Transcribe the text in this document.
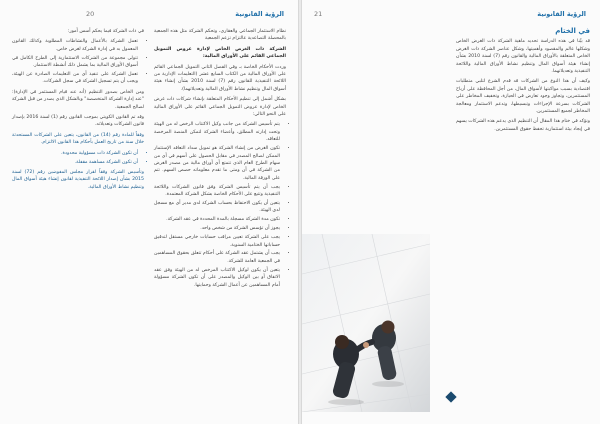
الرؤية القانونية
20

نظام الاستثمار الجماعي والعقاري، وتحكم الشركة مثل هذه الجمعية بالمحصلة التصاعدية عالتزام تزعم الجمعية

الشركة ذات الغرض الخاص لإدارة عروض التمويل الجماعي القائم على الأوراق المالية:

وردت الأحكام الخاصة بـ وفي الفصل الثاني التمويل الجماعي القائم على الأوراق المالية من الكتاب السابع عشر (التعليمات الإدارية من اللائحة التنفيذية للقانون رقم (7) لسنة 2010 بشأن إنشاء هيئة أسواق المال وتنظيم نشاط الأوراق المالية وتعديلاتهما).

بشكل أشمل إلى تنظيم الأحكام المتعلقة بإنشاء شركات ذات غرض الخاص لإدارة عروض التمويل الجماعي القائم على الأوراق المالية على النحو التالي:

• يتم تأسيس الشركة من جانب وكيل الاكتتاب الرخص له من الهيئة وتحت إدارته المطلق، وأعضاء الشركة لتمكن المنصة المرخصة للتعاقد.
• تكون الغرض من إنشاء الشركة هو تمويل سداد التعاقد الإستثمار الممكن لصالح المصدر في مقابل الحصول على أسهم في أي من سهام الطرح العام الذي تتمتع أي أوراق مالية من مصدر الغرض من الشركة في أن ومتى ما تقدم معلوماته حصص السهم. تتم على الورقة المالية.
• يجب أن يتم تأسيس الشركة وفق قانون الشركات واللائحة التنفيذية وتتبع على الأحكام الخاصة بشكل الشركة المعتمدة.
• يتعين أن يكون الاحتفاظ بحساب الشركة لدى مدير أي مع مسجل لدى الهيئة.
• تكون مدة الشركة مسجلة بالمدة المحددة في عقد الشركة.
• يجوز أن تؤسس الشركة من شخص واحد.
• يجب على الشركة تعيين مراقب حسابات خارجي مستقل لتدقيق حساباتها الختامية السنوية.
• يجب أن يشتمل عقد الشركة على أحكام تتعلق بحقوق المساهمين في الجمعية العامة للشركة.
• يتعين أن يكون لوكيل الاكتتاب المرخص له من الهيئة وفق عقد الاتفاق أو بين الوكيل والمصدر على أن تكون الشركة مسؤولة أمام المساهمين عن أعمال الشركة وحمايتها.

في ذات الشركة فيما يحكم أسس أمور:

• تعمل الشركة بالأعمال والنشاطات المطلوبة وكذلك القانون المعمول به في إدارة الشركة لغرض خاص.
• تتولى مجموعة من الشركات الاستثمارية إلى الطرح الكامل في أسواق الأوراق المالية بما يشمل ذلك أنشطة الاستثمار.
• تعمل الشركة على تنفيذ أي من التعليمات الصادرة عن الهيئة، ويجب أن يتم تسجيل الشركة في سجل الشركات.

ومن الخاص بصدور التنظيم (أنه عند قيام المستثمر في الإدارة): "عند إدارة الشركة المتخصصة" وبالشكل الذي يصدر من قبل الشركة لصالح الجمعية.

وقد تم القانون الكويتي بموجب القانون رقم (1) لسنة 2016 بإصدار قانون الشركات وتعديلاته.

وفقاً للمادة رقم (14) من القانون، يتعين على الشركات المستحدثة خلال سنة من تاريخ العمل بأحكام هذا القانون الالتزام.

• أن تكون الشركة ذات مسؤولية محدودة.
• أن تكون الشركة مساهمة مقفلة.

وتأسيس الشركة وفقاً لقرار مجلس المفوضين رقم (72) لسنة 2015 بشأن إصدار اللائحة التنفيذية لقانون إنشاء هيئة أسواق المال وتنظيم نشاط الأوراق المالية.

الرؤية القانونية
21
في الختام

قد بيّنا في هذه الدراسة تحديد ماهية الشركة ذات الغرض الخاص وشكلها عالم والمقصود وأهميتها، وشكل عناصر الشركة ذات الغرض الخاص المتعلقة بالأوراق المالية والقانون رقم (7) لسنة 2010 بشأن إنشاء هيئة أسواق المال وتنظيم نشاط الأوراق المالية واللائحة التنفيذية وتعديلاتهما.

وكيف أن هذا النوع من الشركات قد قدم الشرع لتلبي متطلبات اقتصادية بسبب مواكبتها لأسواق المال، من أجل المحافظة على أرباح المستثمرين، وتجاوز وجود تعارض في الحيازة، وتخفيف المخاطر على الشركات بسرعة الإجراءات وتبسيطها، وتدعم الاستثمار ومعالجة المخاطر لجميع المستثمرين.

ونؤكد في ختام هذا المقال أن التنظيم الذي يدعم هذه الشركات يسهم في إيجاد بيئة استثمارية تحفظ حقوق المستثمرين.
